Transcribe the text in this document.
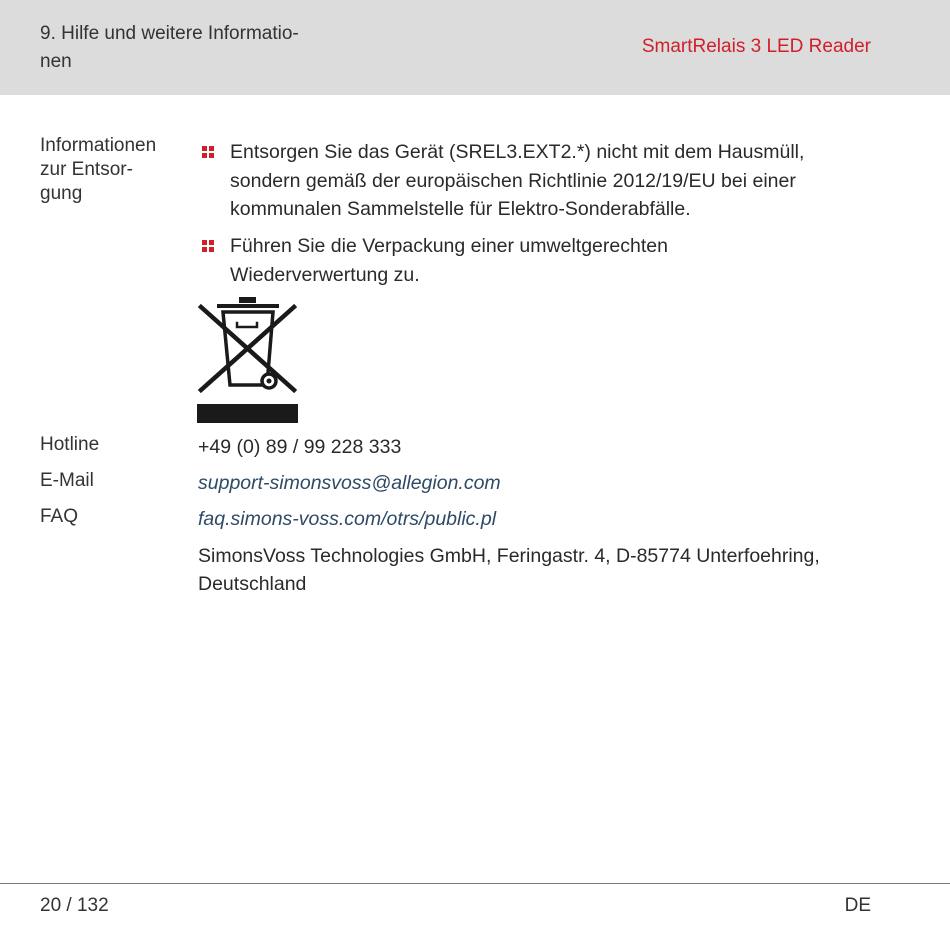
9. Hilfe und weitere Informatio-
nen
SmartRelais 3 LED Reader
Informationen
zur Entsor-
gung
Entsorgen Sie das Gerät (SREL3.EXT2.*) nicht mit dem Hausmüll,
sondern gemäß der europäischen Richtlinie 2012/19/EU bei einer
kommunalen Sammelstelle für Elektro-Sonderabfälle.
Führen Sie die Verpackung einer umweltgerechten
Wiederverwertung zu.
Hotline	+49 (0) 89 / 99 228 333
E-Mail	support-simonsvoss@allegion.com
FAQ	faq.simons-voss.com/otrs/public.pl
SimonsVoss Technologies GmbH, Feringastr. 4, D-85774 Unterfoehring,
Deutschland
20 / 132	DE
